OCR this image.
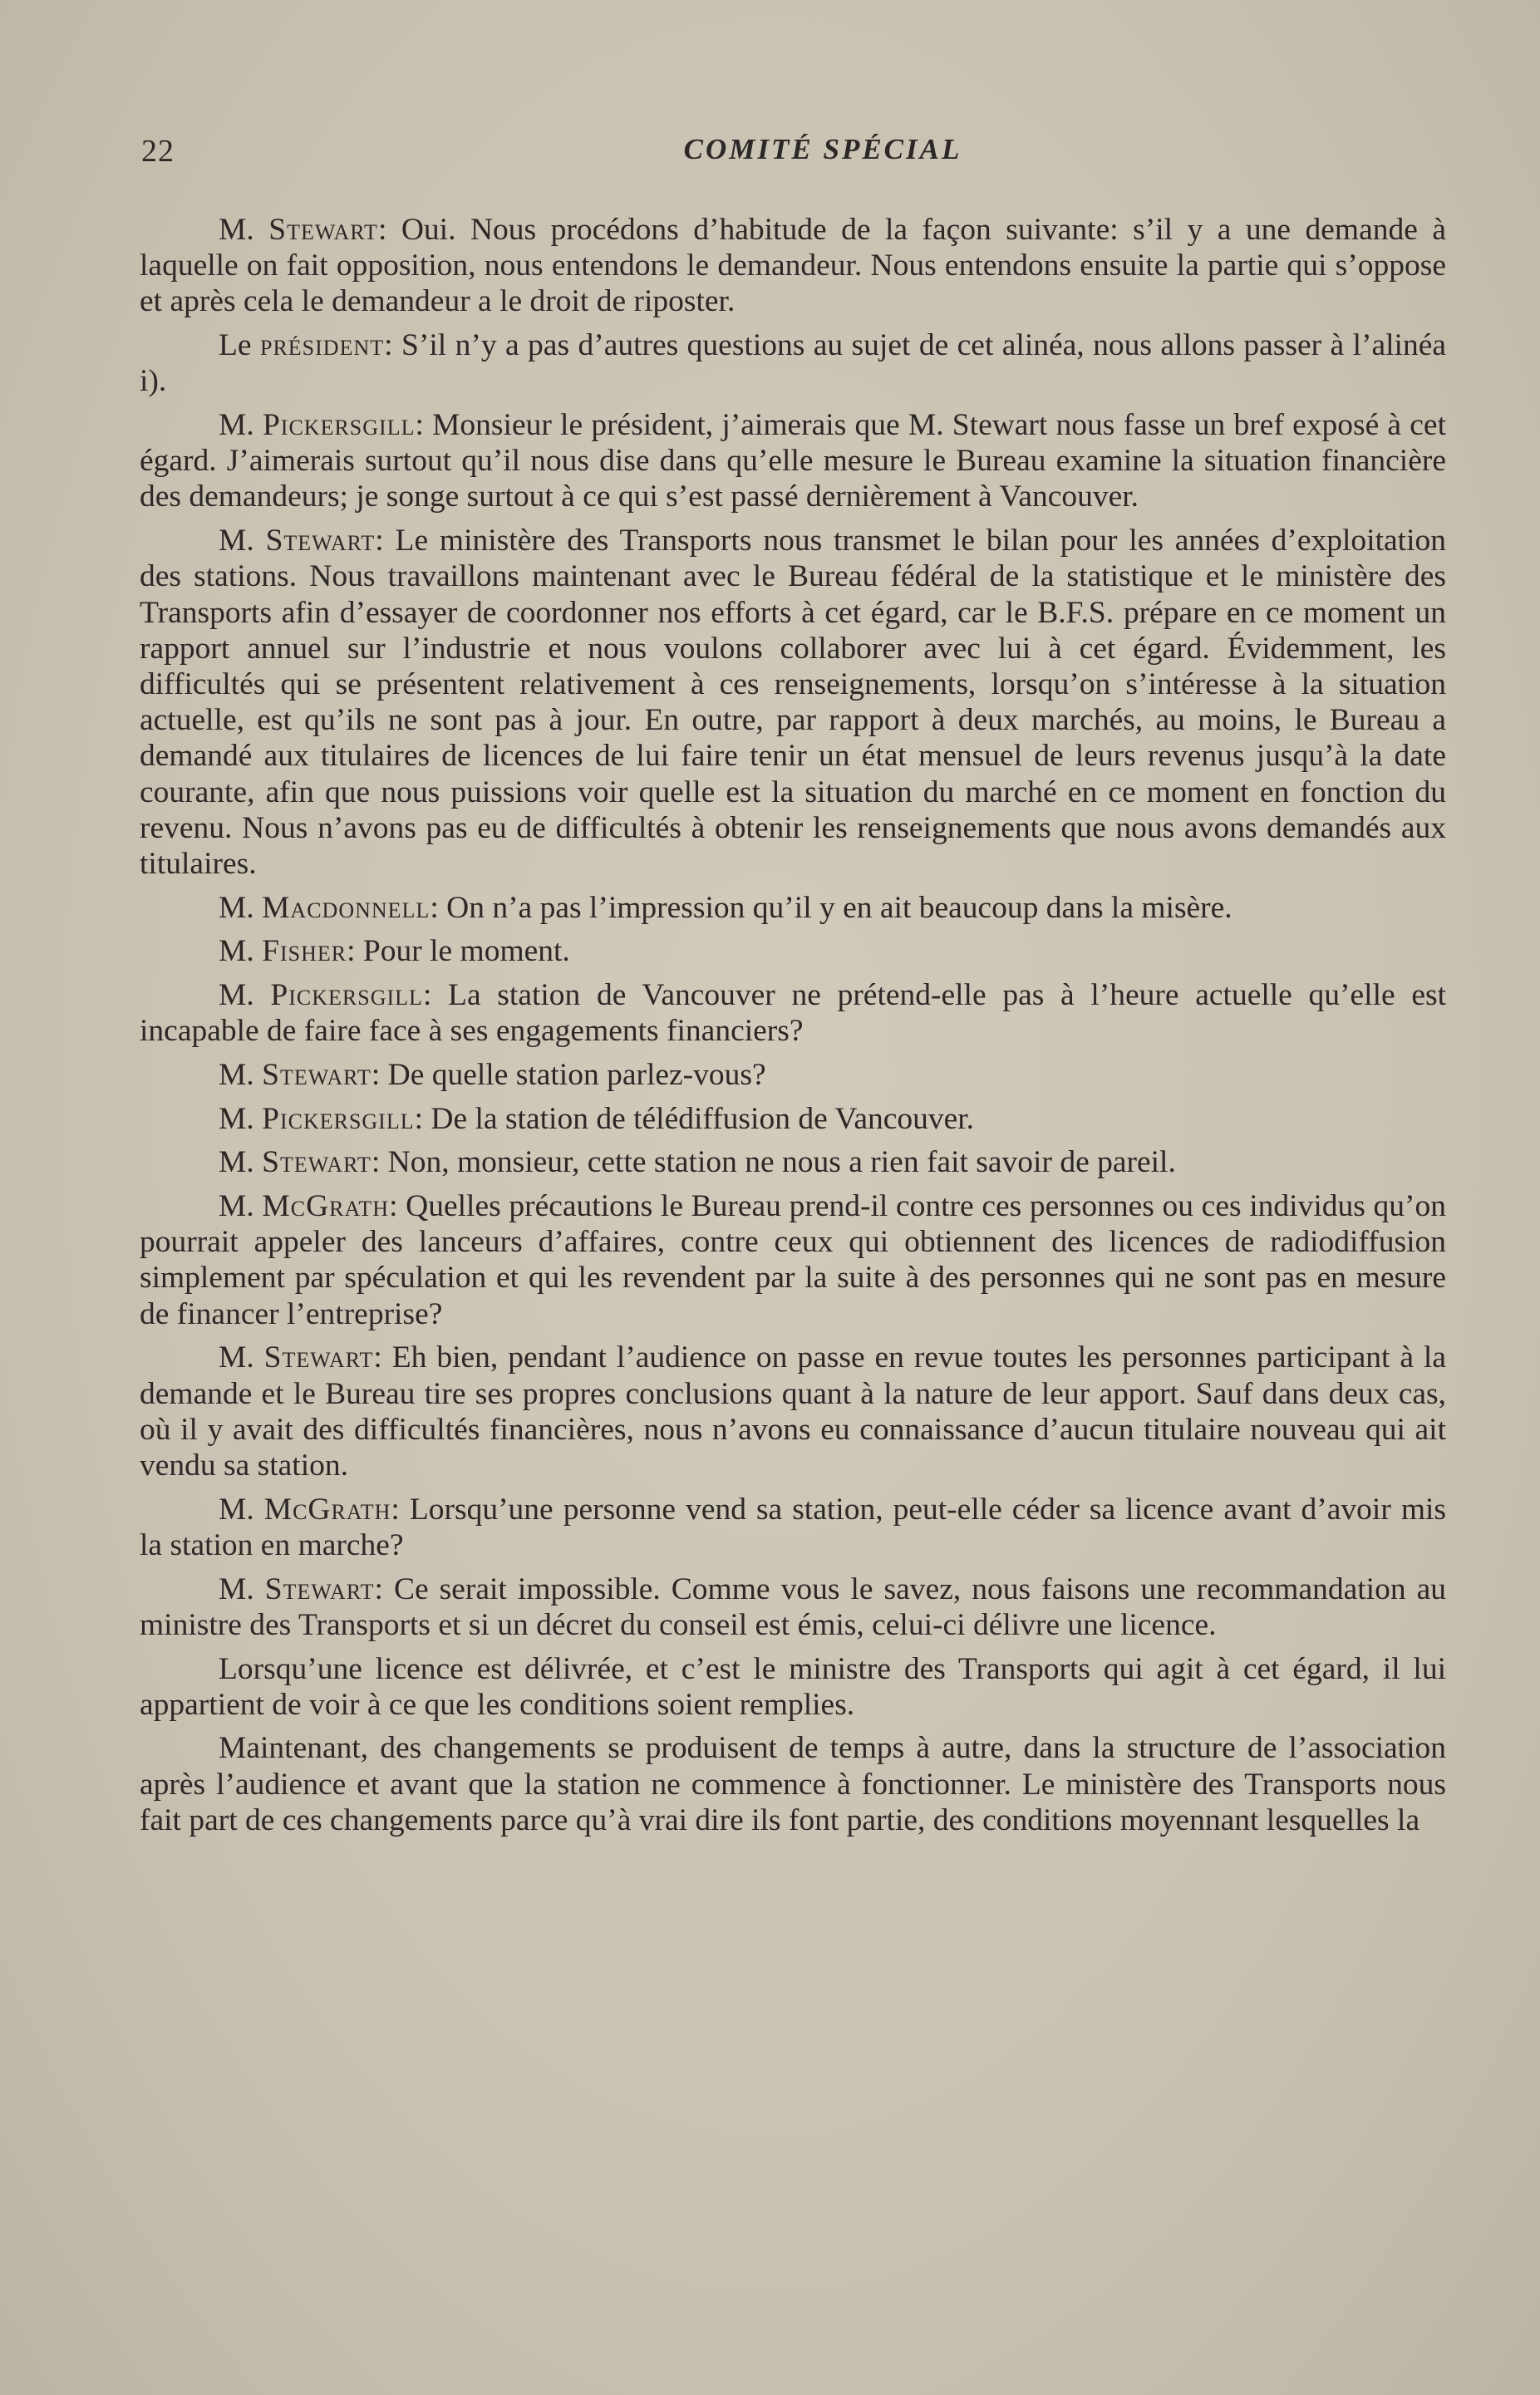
22	COMITÉ SPÉCIAL

M. Stewart: Oui. Nous procédons d’habitude de la façon suivante: s’il y a une demande à laquelle on fait opposition, nous entendons le demandeur. Nous entendons ensuite la partie qui s’oppose et après cela le demandeur a le droit de riposter.

Le président: S’il n’y a pas d’autres questions au sujet de cet alinéa, nous allons passer à l’alinéa i).

M. Pickersgill: Monsieur le président, j’aimerais que M. Stewart nous fasse un bref exposé à cet égard. J’aimerais surtout qu’il nous dise dans qu’elle mesure le Bureau examine la situation financière des demandeurs; je songe surtout à ce qui s’est passé dernièrement à Vancouver.

M. Stewart: Le ministère des Transports nous transmet le bilan pour les années d’exploitation des stations. Nous travaillons maintenant avec le Bureau fédéral de la statistique et le ministère des Transports afin d’essayer de coordonner nos efforts à cet égard, car le B.F.S. prépare en ce moment un rapport annuel sur l’industrie et nous voulons collaborer avec lui à cet égard. Évidemment, les difficultés qui se présentent relativement à ces renseignements, lorsqu’on s’intéresse à la situation actuelle, est qu’ils ne sont pas à jour. En outre, par rapport à deux marchés, au moins, le Bureau a demandé aux titulaires de licences de lui faire tenir un état mensuel de leurs revenus jusqu’à la date courante, afin que nous puissions voir quelle est la situation du marché en ce moment en fonction du revenu. Nous n’avons pas eu de difficultés à obtenir les renseignements que nous avons demandés aux titulaires.

M. Macdonnell: On n’a pas l’impression qu’il y en ait beaucoup dans la misère.

M. Fisher: Pour le moment.

M. Pickersgill: La station de Vancouver ne prétend-elle pas à l’heure actuelle qu’elle est incapable de faire face à ses engagements financiers?

M. Stewart: De quelle station parlez-vous?

M. Pickersgill: De la station de télédiffusion de Vancouver.

M. Stewart: Non, monsieur, cette station ne nous a rien fait savoir de pareil.

M. McGrath: Quelles précautions le Bureau prend-il contre ces personnes ou ces individus qu’on pourrait appeler des lanceurs d’affaires, contre ceux qui obtiennent des licences de radiodiffusion simplement par spéculation et qui les revendent par la suite à des personnes qui ne sont pas en mesure de financer l’entreprise?

M. Stewart: Eh bien, pendant l’audience on passe en revue toutes les personnes participant à la demande et le Bureau tire ses propres conclusions quant à la nature de leur apport. Sauf dans deux cas, où il y avait des difficultés financières, nous n’avons eu connaissance d’aucun titulaire nouveau qui ait vendu sa station.

M. McGrath: Lorsqu’une personne vend sa station, peut-elle céder sa licence avant d’avoir mis la station en marche?

M. Stewart: Ce serait impossible. Comme vous le savez, nous faisons une recommandation au ministre des Transports et si un décret du conseil est émis, celui-ci délivre une licence.

Lorsqu’une licence est délivrée, et c’est le ministre des Transports qui agit à cet égard, il lui appartient de voir à ce que les conditions soient remplies.

Maintenant, des changements se produisent de temps à autre, dans la structure de l’association après l’audience et avant que la station ne commence à fonctionner. Le ministère des Transports nous fait part de ces changements parce qu’à vrai dire ils font partie, des conditions moyennant lesquelles la
